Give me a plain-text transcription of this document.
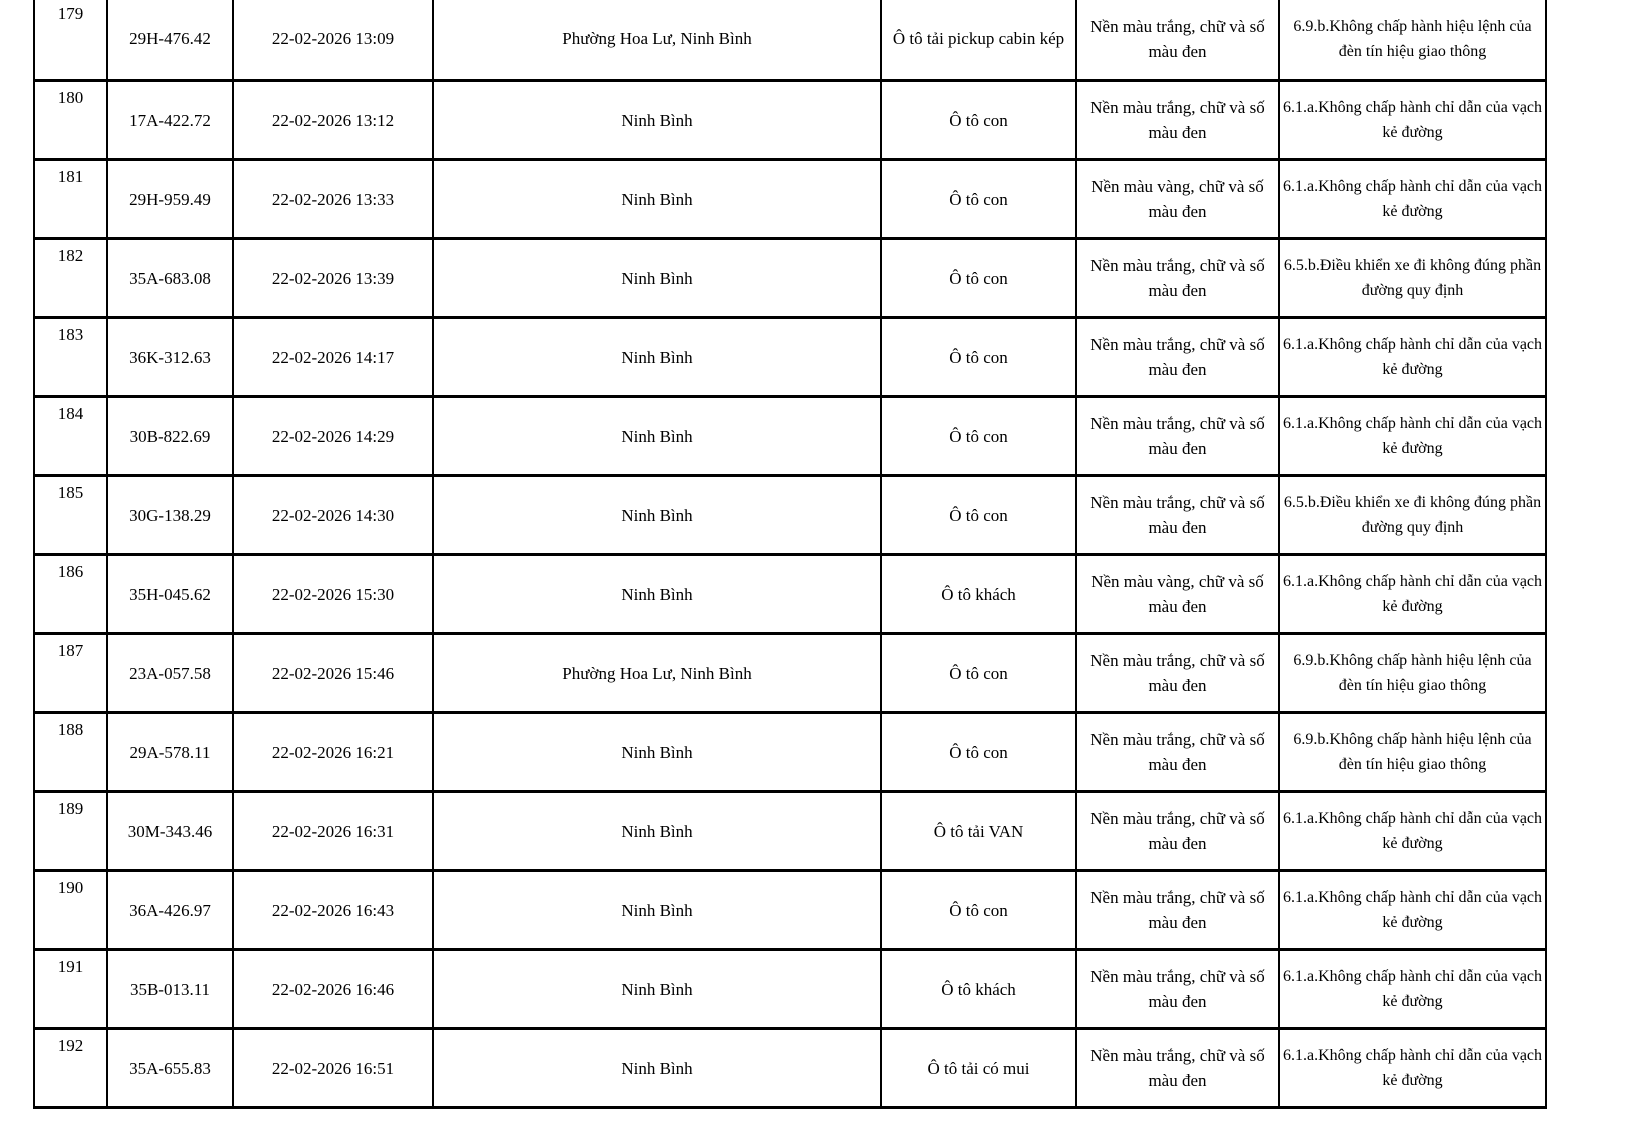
179	29H-476.42	22-02-2026 13:09	Phường Hoa Lư, Ninh Bình	Ô tô tải pickup cabin kép	Nền màu trắng, chữ và số màu đen	6.9.b.Không chấp hành hiệu lệnh của đèn tín hiệu giao thông
180	17A-422.72	22-02-2026 13:12	Ninh Bình	Ô tô con	Nền màu trắng, chữ và số màu đen	6.1.a.Không chấp hành chỉ dẫn của vạch kẻ đường
181	29H-959.49	22-02-2026 13:33	Ninh Bình	Ô tô con	Nền màu vàng, chữ và số màu đen	6.1.a.Không chấp hành chỉ dẫn của vạch kẻ đường
182	35A-683.08	22-02-2026 13:39	Ninh Bình	Ô tô con	Nền màu trắng, chữ và số màu đen	6.5.b.Điều khiển xe đi không đúng phần đường quy định
183	36K-312.63	22-02-2026 14:17	Ninh Bình	Ô tô con	Nền màu trắng, chữ và số màu đen	6.1.a.Không chấp hành chỉ dẫn của vạch kẻ đường
184	30B-822.69	22-02-2026 14:29	Ninh Bình	Ô tô con	Nền màu trắng, chữ và số màu đen	6.1.a.Không chấp hành chỉ dẫn của vạch kẻ đường
185	30G-138.29	22-02-2026 14:30	Ninh Bình	Ô tô con	Nền màu trắng, chữ và số màu đen	6.5.b.Điều khiển xe đi không đúng phần đường quy định
186	35H-045.62	22-02-2026 15:30	Ninh Bình	Ô tô khách	Nền màu vàng, chữ và số màu đen	6.1.a.Không chấp hành chỉ dẫn của vạch kẻ đường
187	23A-057.58	22-02-2026 15:46	Phường Hoa Lư, Ninh Bình	Ô tô con	Nền màu trắng, chữ và số màu đen	6.9.b.Không chấp hành hiệu lệnh của đèn tín hiệu giao thông
188	29A-578.11	22-02-2026 16:21	Ninh Bình	Ô tô con	Nền màu trắng, chữ và số màu đen	6.9.b.Không chấp hành hiệu lệnh của đèn tín hiệu giao thông
189	30M-343.46	22-02-2026 16:31	Ninh Bình	Ô tô tải VAN	Nền màu trắng, chữ và số màu đen	6.1.a.Không chấp hành chỉ dẫn của vạch kẻ đường
190	36A-426.97	22-02-2026 16:43	Ninh Bình	Ô tô con	Nền màu trắng, chữ và số màu đen	6.1.a.Không chấp hành chỉ dẫn của vạch kẻ đường
191	35B-013.11	22-02-2026 16:46	Ninh Bình	Ô tô khách	Nền màu trắng, chữ và số màu đen	6.1.a.Không chấp hành chỉ dẫn của vạch kẻ đường
192	35A-655.83	22-02-2026 16:51	Ninh Bình	Ô tô tải có mui	Nền màu trắng, chữ và số màu đen	6.1.a.Không chấp hành chỉ dẫn của vạch kẻ đường
